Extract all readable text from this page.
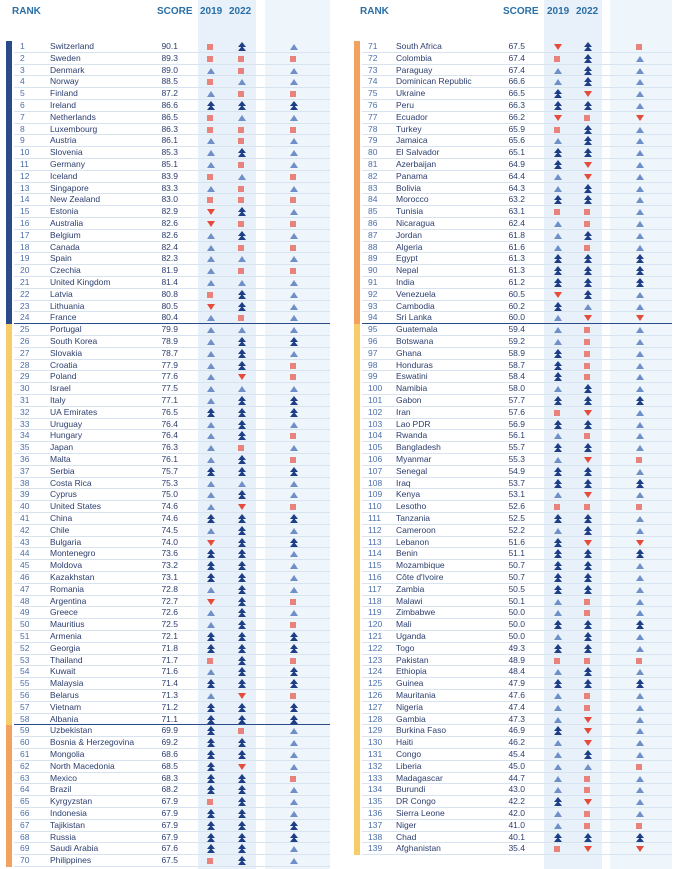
RANK	SCORE 2019 2022
1	Switzerland	90.1
2	Sweden	89.3
3	Denmark	89.0
4	Norway	88.5
5	Finland	87.2
6	Ireland	86.6
7	Netherlands	86.5
8	Luxembourg	86.3
9	Austria	86.1
10	Slovenia	85.3
11	Germany	85.1
12	Iceland	83.9
13	Singapore	83.3
14	New Zealand	83.0
15	Estonia	82.9
16	Australia	82.6
17	Belgium	82.6
18	Canada	82.4
19	Spain	82.3
20	Czechia	81.9
21	United Kingdom	81.4
22	Latvia	80.8
23	Lithuania	80.5
24	France	80.4
25	Portugal	79.9
26	South Korea	78.9
27	Slovakia	78.7
28	Croatia	77.9
29	Poland	77.6
30	Israel	77.5
31	Italy	77.1
32	UA Emirates	76.5
33	Uruguay	76.4
34	Hungary	76.4
35	Japan	76.3
36	Malta	76.1
37	Serbia	75.7
38	Costa Rica	75.3
39	Cyprus	75.0
40	United States	74.6
41	China	74.6
42	Chile	74.5
43	Bulgaria	74.0
44	Montenegro	73.6
45	Moldova	73.2
46	Kazakhstan	73.1
47	Romania	72.8
48	Argentina	72.7
49	Greece	72.6
50	Mauritius	72.5
51	Armenia	72.1
52	Georgia	71.8
53	Thailand	71.7
54	Kuwait	71.6
55	Malaysia	71.4
56	Belarus	71.3
57	Vietnam	71.2
58	Albania	71.1
59	Uzbekistan	69.9
60	Bosnia & Herzegovina	69.2
61	Mongolia	68.6
62	North Macedonia	68.5
63	Mexico	68.3
64	Brazil	68.2
65	Kyrgyzstan	67.9
66	Indonesia	67.9
67	Tajikistan	67.9
68	Russia	67.9
69	Saudi Arabia	67.6
70	Philippines	67.5
RANK	SCORE 2019 2022
71	South Africa	67.5
72	Colombia	67.4
73	Paraguay	67.4
74	Dominican Republic	66.6
75	Ukraine	66.5
76	Peru	66.3
77	Ecuador	66.2
78	Turkey	65.9
79	Jamaica	65.6
80	El Salvador	65.1
81	Azerbaijan	64.9
82	Panama	64.4
83	Bolivia	64.3
84	Morocco	63.2
85	Tunisia	63.1
86	Nicaragua	62.4
87	Jordan	61.8
88	Algeria	61.6
89	Egypt	61.3
90	Nepal	61.3
91	India	61.2
92	Venezuela	60.5
93	Cambodia	60.2
94	Sri Lanka	60.0
95	Guatemala	59.4
96	Botswana	59.2
97	Ghana	58.9
98	Honduras	58.7
99	Eswatini	58.4
100	Namibia	58.0
101	Gabon	57.7
102	Iran	57.6
103	Lao PDR	56.9
104	Rwanda	56.1
105	Bangladesh	55.7
106	Myanmar	55.3
107	Senegal	54.9
108	Iraq	53.7
109	Kenya	53.1
110	Lesotho	52.6
111	Tanzania	52.5
112	Cameroon	52.2
113	Lebanon	51.6
114	Benin	51.1
115	Mozambique	50.7
116	Côte d'Ivoire	50.7
117	Zambia	50.5
118	Malawi	50.1
119	Zimbabwe	50.0
120	Mali	50.0
121	Uganda	50.0
122	Togo	49.3
123	Pakistan	48.9
124	Ethiopia	48.4
125	Guinea	47.9
126	Mauritania	47.6
127	Nigeria	47.4
128	Gambia	47.3
129	Burkina Faso	46.9
130	Haiti	46.2
131	Congo	45.4
132	Liberia	45.0
133	Madagascar	44.7
134	Burundi	43.0
135	DR Congo	42.2
136	Sierra Leone	42.0
137	Niger	41.0
138	Chad	40.1
139	Afghanistan	35.4
